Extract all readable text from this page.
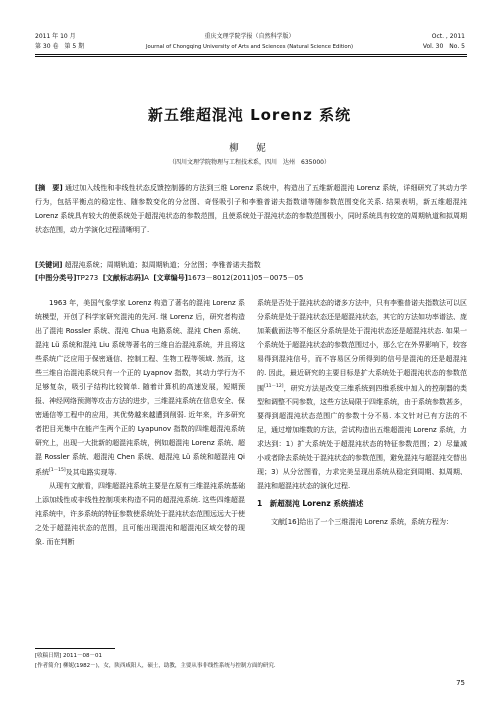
2011 年 10 月
第 30 卷　第 5 期
重庆文理学院学报（自然科学版）
Journal of Chongqing University of Arts and Sciences (Natural Science Edition)
Oct. , 2011
Vol. 30　No. 5
新五维超混沌 Lorenz 系统
柳　妮
（四川文理学院物理与工程技术系，四川　达州　635000）
[摘　要] 通过加入线性和非线性状态反馈控制器的方法到三维 Lorenz 系统中，构造出了五维新超混沌 Lorenz 系统，详细研究了其动力学行为，包括平衡点的稳定性、随参数变化的分岔图、奇怪吸引子和李雅普诺夫指数谱等随参数范围变化关系. 结果表明，新五维超混沌 Lorenz 系统具有较大的使系统处于超混沌状态的参数范围，且使系统处于混沌状态的参数范围极小，同时系统具有较宽的周期轨道和拟周期状态范围，动力学演化过程清晰明了.
[关键词] 超混沌系统；周期轨道；拟周期轨道；分岔图；李雅普诺夫指数
[中图分类号]TP273 [文献标志码]A [文章编号]1673－8012(2011)05－0075－05

1963 年，美国气象学家 Lorenz 构造了著名的混沌 Lorenz 系统模型，开创了科学家研究混沌的先河. 继 Lorenz 后，研究者构造出了混沌 Rossler 系统、混沌 Chua 电路系统、混沌 Chen 系统、混沌 Lü 系统和混沌 Liu 系统等著名的三维自治混沌系统，并且将这些系统广泛应用于保密通信、控制工程、生物工程等领域. 然而，这些三维自治混沌系统只有一个正的 Lyapnov 指数，其动力学行为不足够复杂，吸引子结构比较简单. 随着计算机的高速发展，短期预报、神经网络预测等攻击方法的进步，三维混沌系统在信息安全、保密通信等工程中的应用，其优势越来越遭到削弱. 近年来，许多研究者把目光集中在能产生两个正的 Lyapunov 指数的四维超混沌系统研究上，出现一大批新的超混沌系统，例如超混沌 Lorenz 系统、超混 Rossler 系统、超混沌 Chen 系统、超混沌 Lü 系统和超混沌 Qi 系统[1－15]及其电路实现等.

从现有文献看，四维超混沌系统主要是在原有三维混沌系统基础上添加线性或非线性控制项来构造不同的超混沌系统. 这些四维超混沌系统中，许多系统的特征参数使系统处于混沌状态范围远远大于使之处于超混沌状态的范围，且可能出现混沌和超混沌区域交替的现象. 而在判断

系统是否处于混沌状态的诸多方法中，只有李雅普诺夫指数法可以区分系统是处于混沌状态还是超混沌状态，其它的方法如功率谱法、庞加莱截面法等不能区分系统是处于混沌状态还是超混沌状态. 如果一个系统处于超混沌状态的参数范围过小，那么它在外界影响下，较容易得到混沌信号，而不容易区分所得到的信号是混沌的还是超混沌的. 因此，最近研究的主要目标是扩大系统处于超混沌状态的参数范围[11－12]，研究方法是改变三维系统到四维系统中加入的控制器的类型和调整不同参数，这些方法局限于四维系统，由于系统参数甚多，要得到超混沌状态范围广的参数十分不易. 本文针对已有方法的不足，通过增加维数的方法，尝试构造出五维超混沌 Lorenz 系统，力求达到：1）扩大系统处于超混沌状态的特征参数范围；2）尽量减小或者除去系统处于混沌状态的参数范围，避免混沌与超混沌交替出现；3）从分岔图看，力求完美呈现出系统从稳定到周期、拟周期、混沌和超混沌状态的演化过程.

1　新超混沌 Lorenz 系统描述

文献[16]给出了一个三维混沌 Lorenz 系统，系统方程为：

[收稿日期] 2011－08－01
[作者简介] 柳妮(1982－)，女，陕西咸阳人，硕士，助教，主要从事非线性系统与控制方面的研究.
75
